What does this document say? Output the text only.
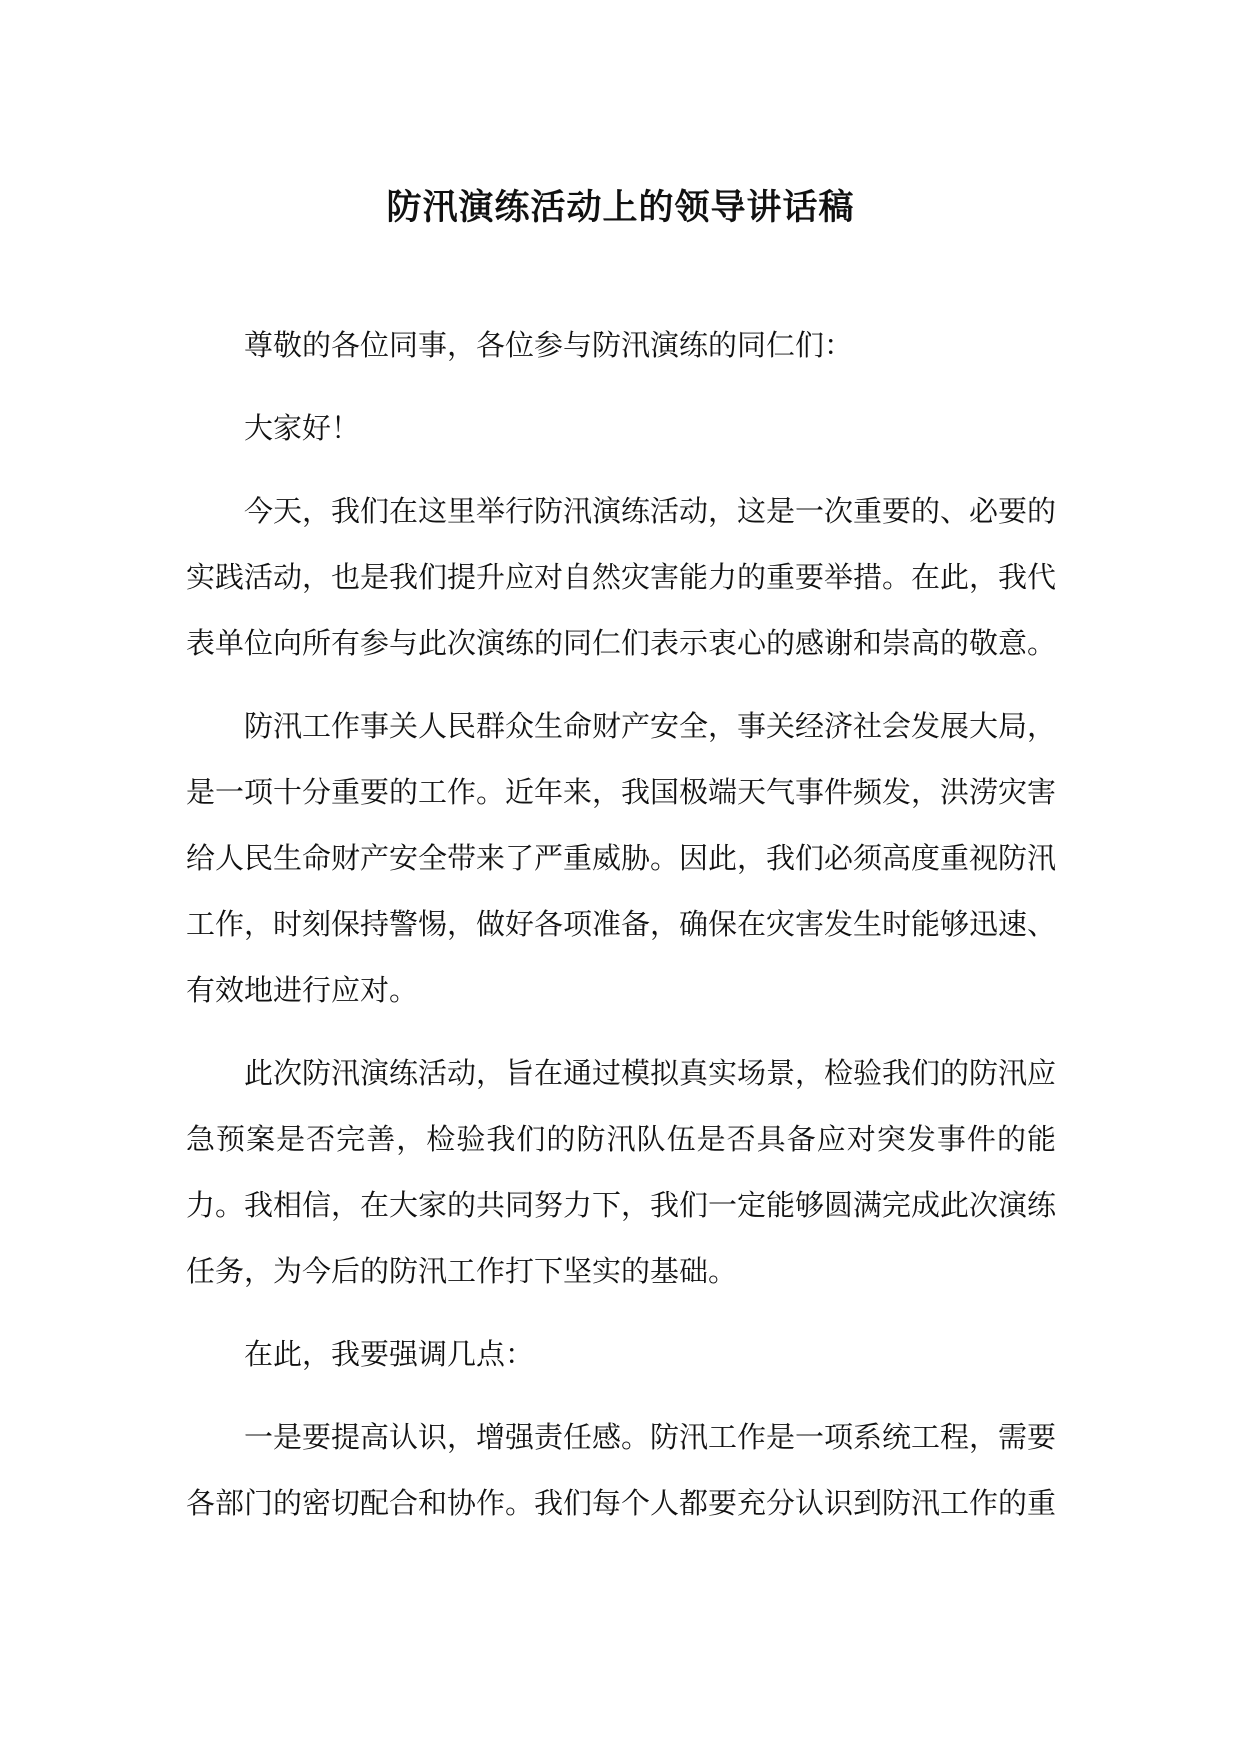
防汛演练活动上的领导讲话稿

尊敬的各位同事，各位参与防汛演练的同仁们：

大家好！

今天，我们在这里举行防汛演练活动，这是一次重要的、必要的实践活动，也是我们提升应对自然灾害能力的重要举措。在此，我代表单位向所有参与此次演练的同仁们表示衷心的感谢和崇高的敬意。

防汛工作事关人民群众生命财产安全，事关经济社会发展大局，是一项十分重要的工作。近年来，我国极端天气事件频发，洪涝灾害给人民生命财产安全带来了严重威胁。因此，我们必须高度重视防汛工作，时刻保持警惕，做好各项准备，确保在灾害发生时能够迅速、有效地进行应对。

此次防汛演练活动，旨在通过模拟真实场景，检验我们的防汛应急预案是否完善，检验我们的防汛队伍是否具备应对突发事件的能力。我相信，在大家的共同努力下，我们一定能够圆满完成此次演练任务，为今后的防汛工作打下坚实的基础。

在此，我要强调几点：

一是要提高认识，增强责任感。防汛工作是一项系统工程，需要各部门的密切配合和协作。我们每个人都要充分认识到防汛工作的重
